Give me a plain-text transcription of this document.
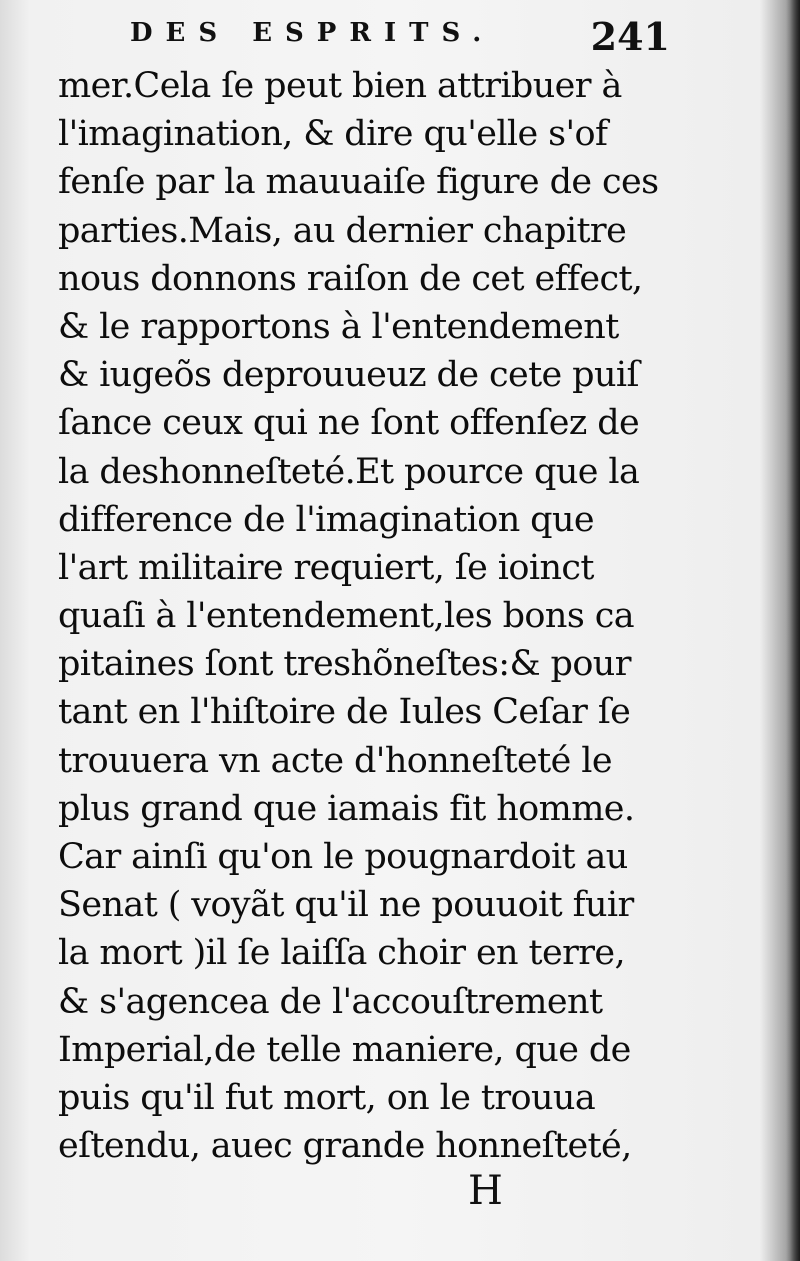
DES ESPRITS.	241
mer.Cela ſe peut bien attribuer à
l'imagination, & dire qu'elle s'of
fenſe par la mauuaiſe figure de ces
parties.Mais, au dernier chapitre
nous donnons raiſon de cet effect,
& le rapportons à l'entendement
& iugeõs deprouueuz de cete puiſ
ſance ceux qui ne ſont offenſez de
la deshonneſteté.Et pource que la
difference de l'imagination que
l'art militaire requiert, ſe ioinct
quaſi à l'entendement,les bons ca
pitaines ſont treshõneſtes:& pour
tant en l'hiſtoire de Iules Ceſar ſe
trouuera vn acte d'honneſteté le
plus grand que iamais fit homme.
Car ainſi qu'on le pougnardoit au
Senat ( voyãt qu'il ne pouuoit fuir
la mort )il ſe laiſſa choir en terre,
& s'agencea de l'accouſtrement
Imperial,de telle maniere, que de
puis qu'il fut mort, on le trouua
eſtendu, auec grande honneſteté,
H
